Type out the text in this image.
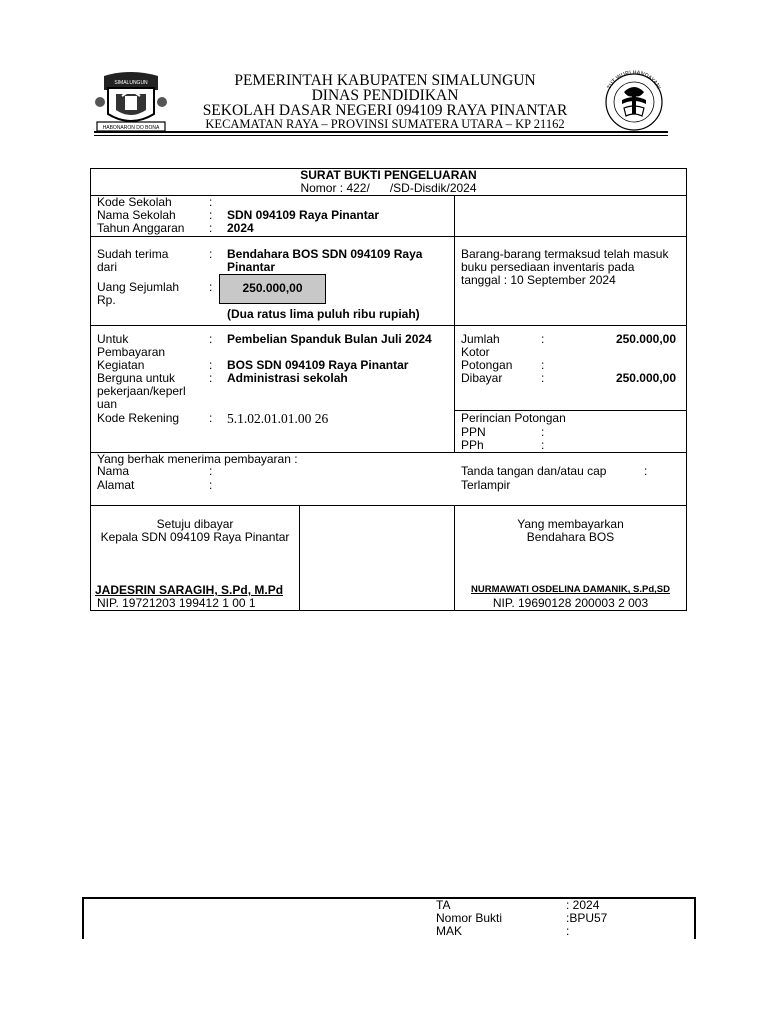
SIMALUNGUN
HABONARON DO BONA
PEMERINTAH KABUPATEN SIMALUNGUN
DINAS PENDIDIKAN
SEKOLAH DASAR NEGERI 094109 RAYA PINANTAR
KECAMATAN RAYA – PROVINSI SUMATERA UTARA – KP 21162
TUT WURI HANDAYANI
SURAT BUKTI PENGELUARAN
Nomor : 422/      /SD-Disdik/2024
Kode Sekolah	:
Nama Sekolah	: SDN 094109 Raya Pinantar
Tahun Anggaran : 2024
Sudah terima
dari
: Bendahara BOS SDN 094109 Raya
Pinantar
Uang Sejumlah
Rp.
:	250.000,00
(Dua ratus lima puluh ribu rupiah)
Barang-barang termaksud telah masuk
buku persediaan inventaris pada
tanggal : 10 September 2024
Untuk
Pembayaran
: Pembelian Spanduk Bulan Juli 2024
Kegiatan	: BOS SDN 094109 Raya Pinantar
Berguna untuk
pekerjaan/keperl
uan
: Administrasi sekolah
Jumlah
Kotor
:	250.000,00
Potongan :
Dibayar	:	250.000,00
Kode Rekening : 5.1.02.01.01.00 26	Perincian Potongan
PPN	:
PPh	:
Yang berhak menerima pembayaran :
Nama	:
Alamat	:
Tanda tangan dan/atau cap	:
Terlampir
Setuju dibayar
Kepala SDN 094109 Raya Pinantar
JADESRIN SARAGIH, S.Pd, M.Pd
NIP. 19721203 199412 1 00 1
Yang membayarkan
Bendahara BOS
NURMAWATI OSDELINA DAMANIK, S.Pd,SD
NIP. 19690128 200003 2 003
TA	: 2024
Nomor Bukti	:BPU57
MAK	:
